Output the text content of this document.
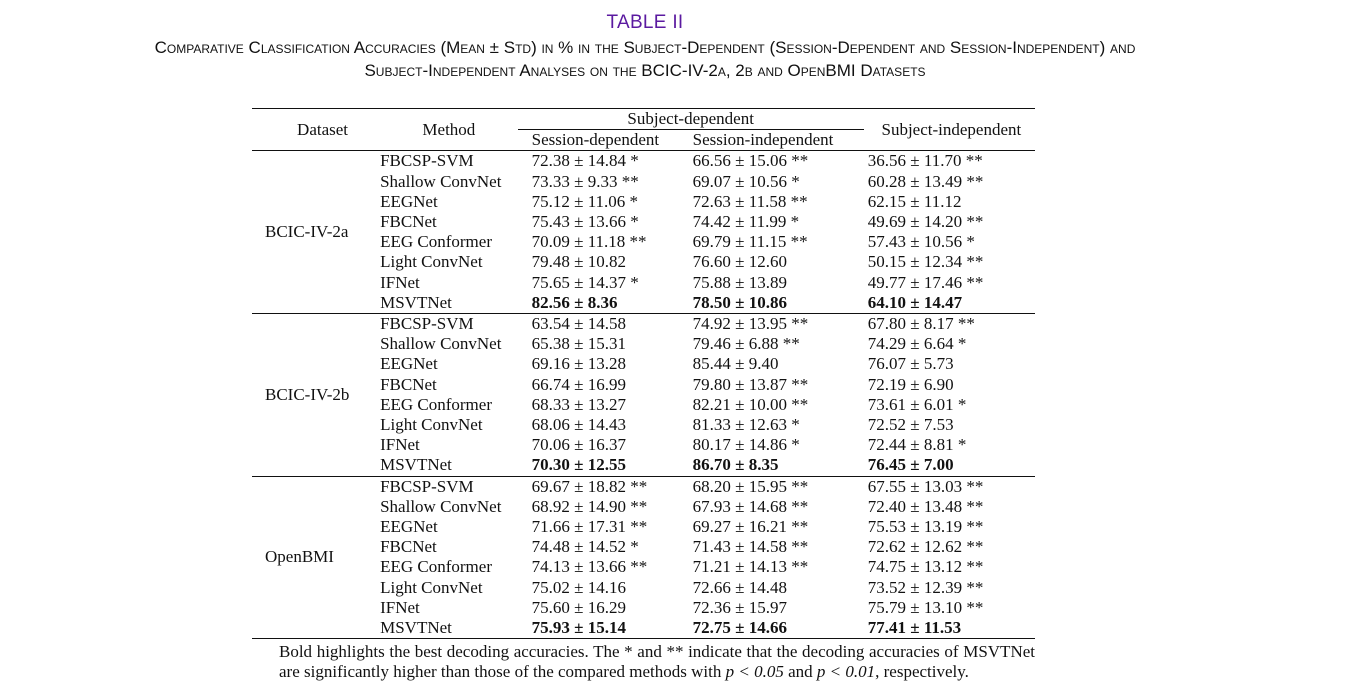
TABLE II
Comparative Classification Accuracies (Mean ± Std) in % in the Subject-Dependent (Session-Dependent and Session-Independent) and
Subject-Independent Analyses on the BCIC-IV-2a, 2b and OpenBMI Datasets
Dataset	Method	Subject-dependent		Subject-independent
		Session-dependent	Session-independent	
BCIC-IV-2a	FBCSP-SVM	72.38 ± 14.84 *	66.56 ± 15.06 **	36.56 ± 11.70 **
	Shallow ConvNet	73.33 ± 9.33 **	69.07 ± 10.56 *	60.28 ± 13.49 **
	EEGNet	75.12 ± 11.06 *	72.63 ± 11.58 **	62.15 ± 11.12
	FBCNet	75.43 ± 13.66 *	74.42 ± 11.99 *	49.69 ± 14.20 **
	EEG Conformer	70.09 ± 11.18 **	69.79 ± 11.15 **	57.43 ± 10.56 *
	Light ConvNet	79.48 ± 10.82	76.60 ± 12.60	50.15 ± 12.34 **
	IFNet	75.65 ± 14.37 *	75.88 ± 13.89	49.77 ± 17.46 **
	MSVTNet	82.56 ± 8.36	78.50 ± 10.86	64.10 ± 14.47
BCIC-IV-2b	FBCSP-SVM	63.54 ± 14.58	74.92 ± 13.95 **	67.80 ± 8.17 **
	Shallow ConvNet	65.38 ± 15.31	79.46 ± 6.88 **	74.29 ± 6.64 *
	EEGNet	69.16 ± 13.28	85.44 ± 9.40	76.07 ± 5.73
	FBCNet	66.74 ± 16.99	79.80 ± 13.87 **	72.19 ± 6.90
	EEG Conformer	68.33 ± 13.27	82.21 ± 10.00 **	73.61 ± 6.01 *
	Light ConvNet	68.06 ± 14.43	81.33 ± 12.63 *	72.52 ± 7.53
	IFNet	70.06 ± 16.37	80.17 ± 14.86 *	72.44 ± 8.81 *
	MSVTNet	70.30 ± 12.55	86.70 ± 8.35	76.45 ± 7.00
OpenBMI	FBCSP-SVM	69.67 ± 18.82 **	68.20 ± 15.95 **	67.55 ± 13.03 **
	Shallow ConvNet	68.92 ± 14.90 **	67.93 ± 14.68 **	72.40 ± 13.48 **
	EEGNet	71.66 ± 17.31 **	69.27 ± 16.21 **	75.53 ± 13.19 **
	FBCNet	74.48 ± 14.52 *	71.43 ± 14.58 **	72.62 ± 12.62 **
	EEG Conformer	74.13 ± 13.66 **	71.21 ± 14.13 **	74.75 ± 13.12 **
	Light ConvNet	75.02 ± 14.16	72.66 ± 14.48	73.52 ± 12.39 **
	IFNet	75.60 ± 16.29	72.36 ± 15.97	75.79 ± 13.10 **
	MSVTNet	75.93 ± 15.14	72.75 ± 14.66	77.41 ± 11.53
Bold highlights the best decoding accuracies. The * and ** indicate that the decoding accuracies of MSVTNet are significantly higher than those of the compared methods with p < 0.05 and p < 0.01, respectively.
